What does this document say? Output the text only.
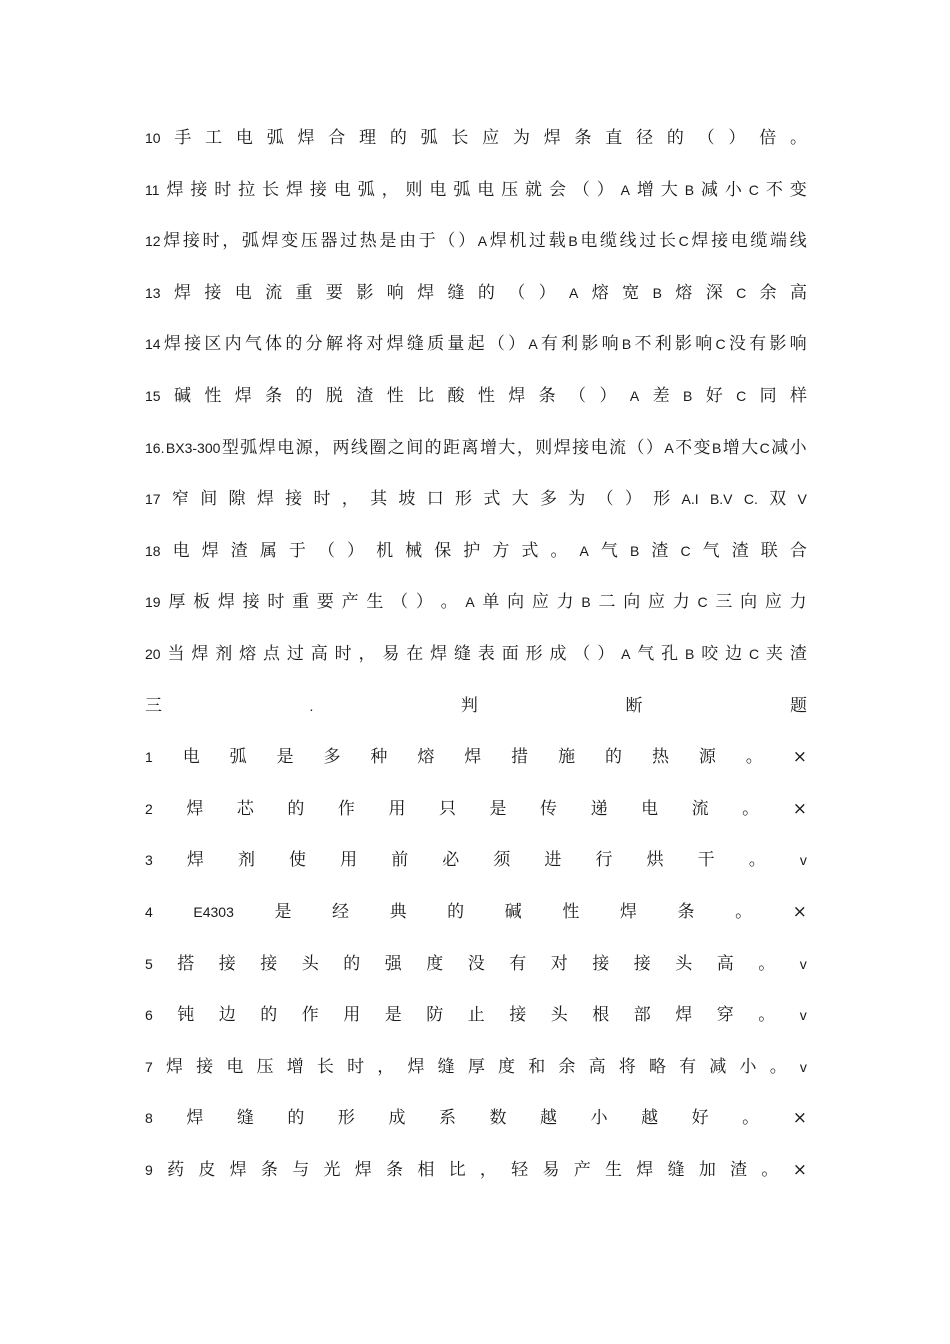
10 手 工 电 弧 焊 合 理 的 弧 长 应 为 焊 条 直 径 的 （ ） 倍 。
11 焊 接 时 拉 长 焊 接 电 弧 ， 则 电 弧 电 压 就 会 （ ） A 增 大 B 减 小 C 不 变
12 焊 接 时 ， 弧 焊 变 压 器 过 热 是 由 于 （ ） A 焊 机 过 载 B 电 缆 线 过 长 C 焊 接 电 缆 端 线
13 焊 接 电 流 重 要 影 响 焊 缝 的 （ ） A 熔 宽 B 熔 深 C 余 高
14 焊 接 区 内 气 体 的 分 解 将 对 焊 缝 质 量 起 （ ） A 有 利 影 响 B 不 利 影 响 C 没 有 影 响
15 碱 性 焊 条 的 脱 渣 性 比 酸 性 焊 条 （ ） A 差 B 好 C 同 样
16. BX3-300 型 弧 焊 电 源 ， 两 线 圈 之 间 的 距 离 增 大 ， 则 焊 接 电 流 （ ） A 不 变 B 增 大 C 减 小
17 窄 间 隙 焊 接 时 ， 其 坡 口 形 式 大 多 为 （ ） 形 A.I B.V C. 双 V
18 电 焊 渣 属 于 （ ） 机 械 保 护 方 式 。 A 气 B 渣 C 气 渣 联 合
19 厚 板 焊 接 时 重 要 产 生 （ ） 。 A 单 向 应 力 B 二 向 应 力 C 三 向 应 力
20 当 焊 剂 熔 点 过 高 时 ， 易 在 焊 缝 表 面 形 成 （ ） A 气 孔 B 咬 边 C 夹 渣
三	.	判	断	题
1 电 弧 是 多 种 熔 焊 措 施 的 热 源 。 ×
2 焊 芯 的 作 用 只 是 传 递 电 流 。 ×
3 焊 剂 使 用 前 必 须 进 行 烘 干 。 v
4	E4303 是 经 典 的 碱 性 焊 条 。 ×
5 搭 接 接 头 的 强 度 没 有 对 接 接 头 高 。 v
6 钝 边 的 作 用 是 防 止 接 头 根 部 焊 穿 。 v
7 焊 接 电 压 增 长 时 ， 焊 缝 厚 度 和 余 高 将 略 有 减 小 。 v
8 焊 缝 的 形 成 系 数 越 小 越 好 。 ×
9 药 皮 焊 条 与 光 焊 条 相 比 ， 轻 易 产 生 焊 缝 加 渣 。 ×
